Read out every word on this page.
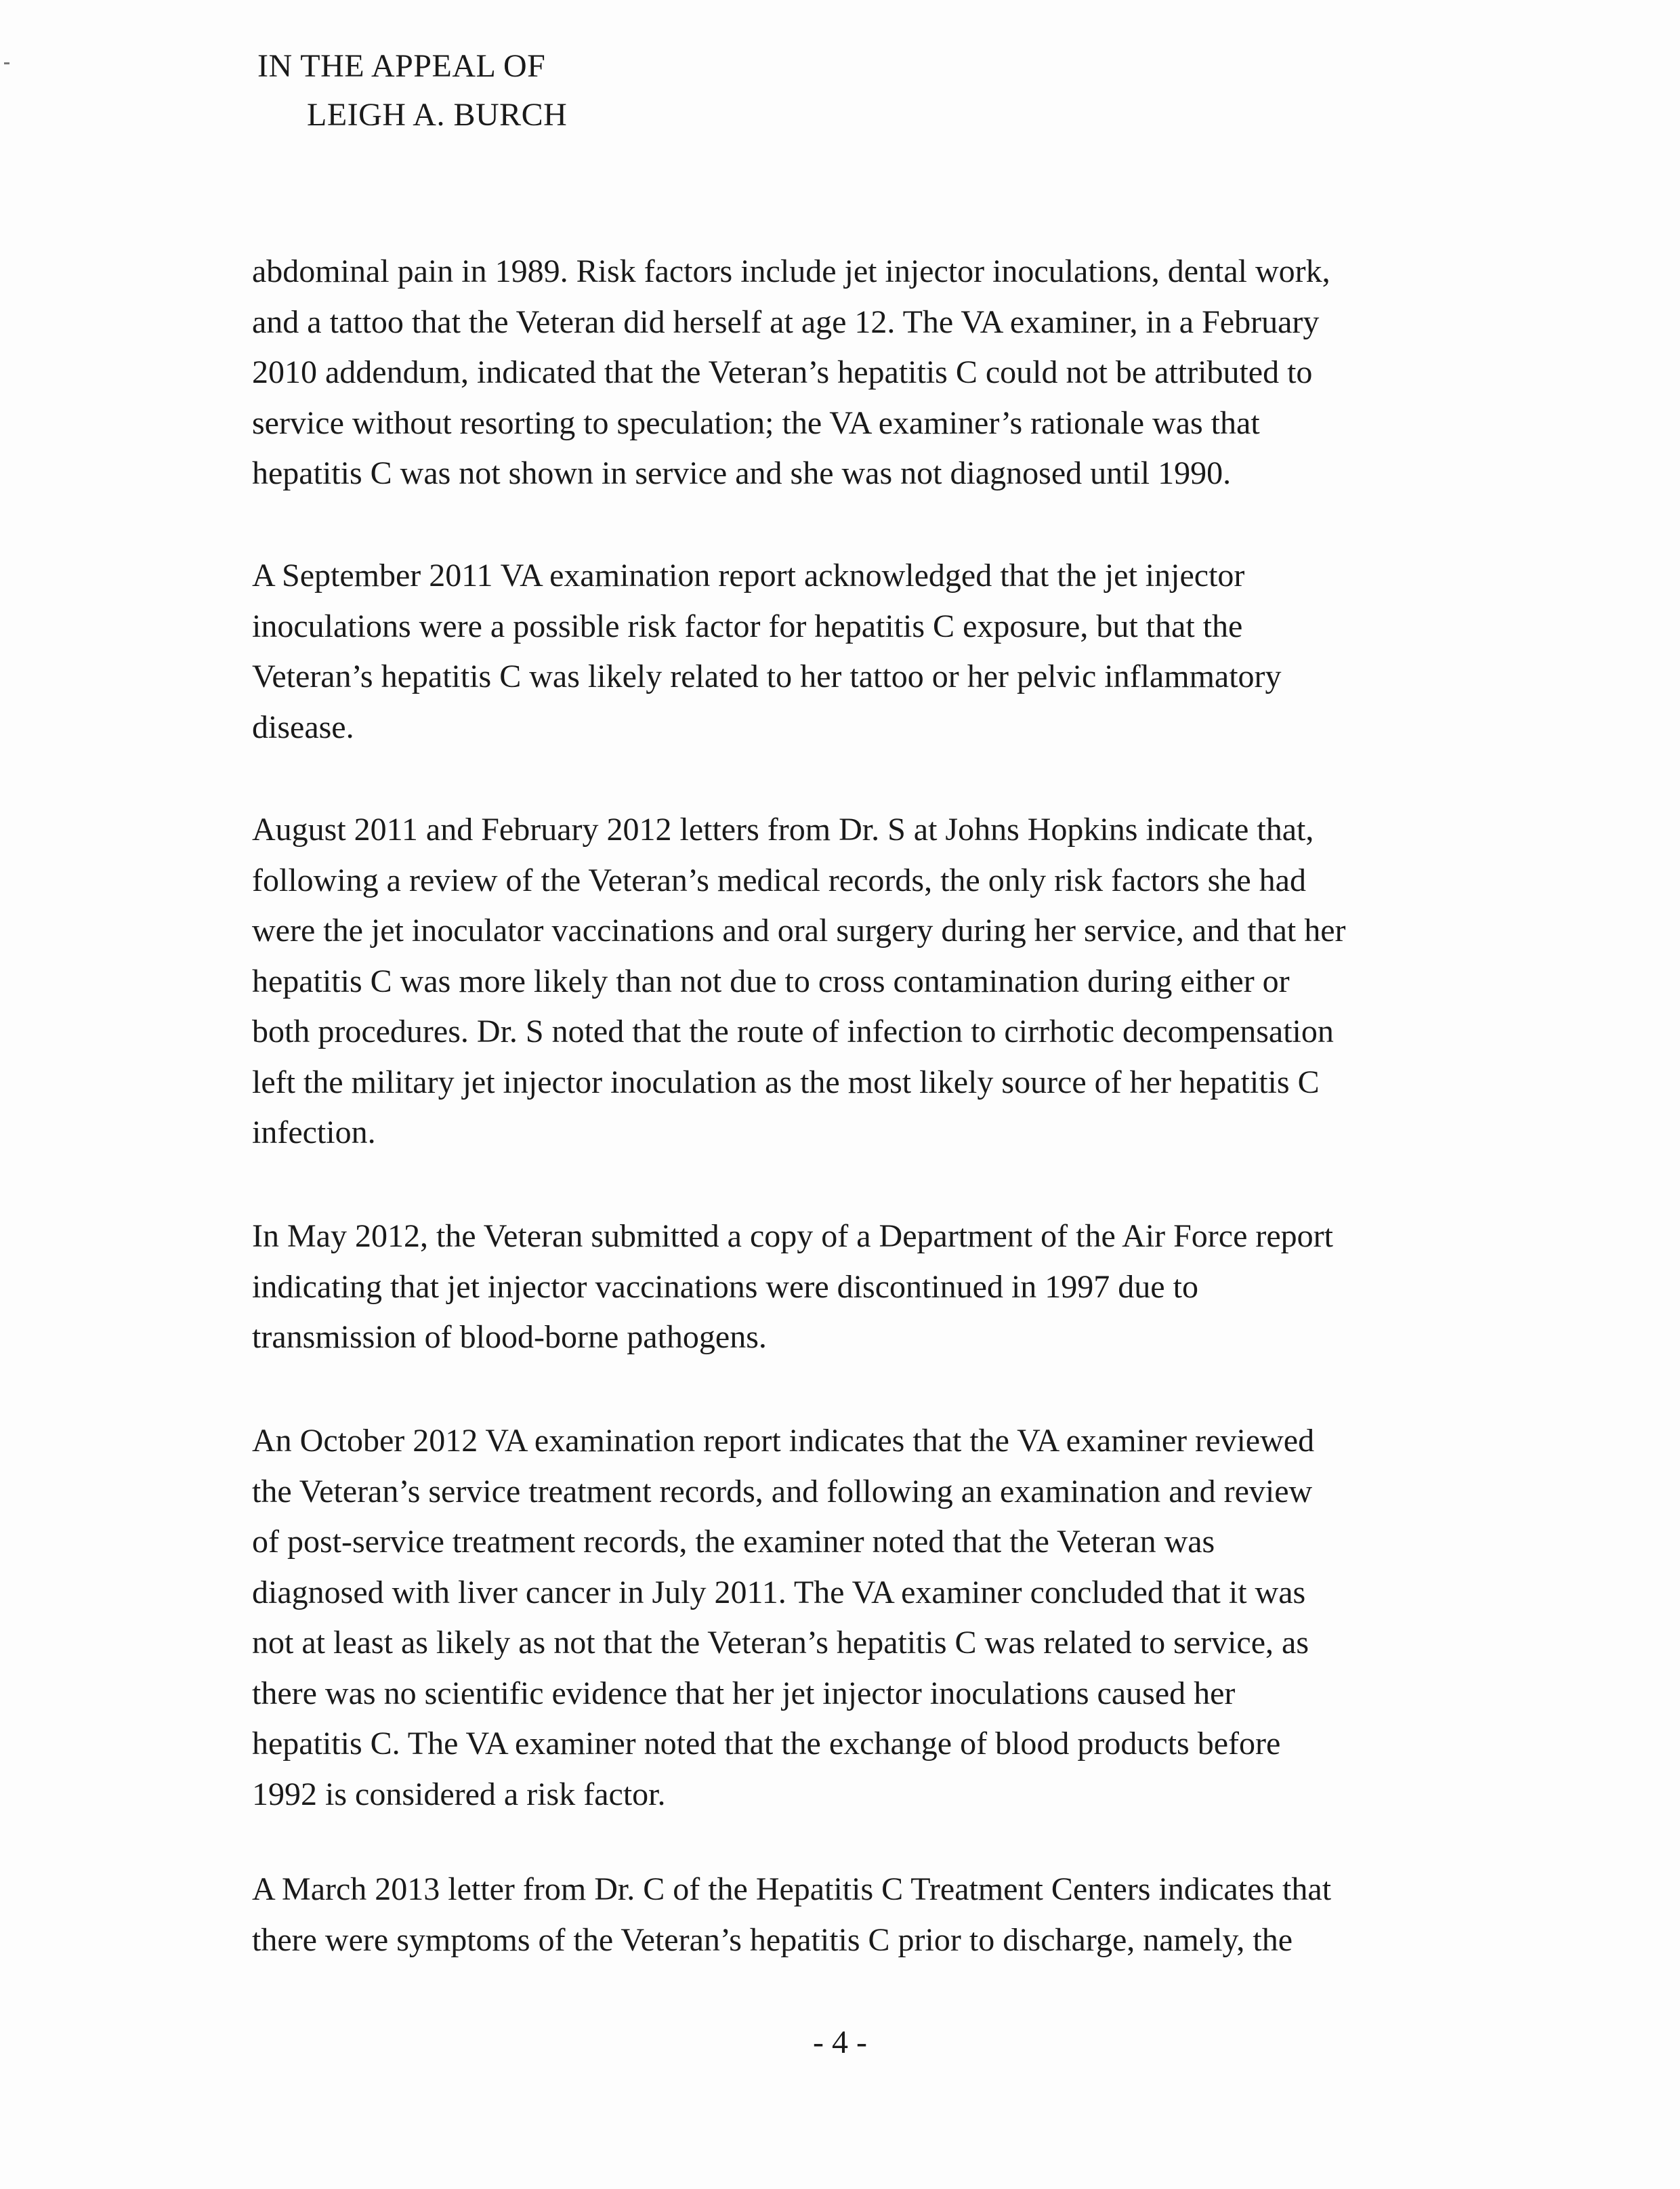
IN THE APPEAL OF
LEIGH A. BURCH

abdominal pain in 1989. Risk factors include jet injector inoculations, dental work,
and a tattoo that the Veteran did herself at age 12. The VA examiner, in a February
2010 addendum, indicated that the Veteran’s hepatitis C could not be attributed to
service without resorting to speculation; the VA examiner’s rationale was that
hepatitis C was not shown in service and she was not diagnosed until 1990.

A September 2011 VA examination report acknowledged that the jet injector
inoculations were a possible risk factor for hepatitis C exposure, but that the
Veteran’s hepatitis C was likely related to her tattoo or her pelvic inflammatory
disease.

August 2011 and February 2012 letters from Dr. S at Johns Hopkins indicate that,
following a review of the Veteran’s medical records, the only risk factors she had
were the jet inoculator vaccinations and oral surgery during her service, and that her
hepatitis C was more likely than not due to cross contamination during either or
both procedures. Dr. S noted that the route of infection to cirrhotic decompensation
left the military jet injector inoculation as the most likely source of her hepatitis C
infection.

In May 2012, the Veteran submitted a copy of a Department of the Air Force report
indicating that jet injector vaccinations were discontinued in 1997 due to
transmission of blood-borne pathogens.

An October 2012 VA examination report indicates that the VA examiner reviewed
the Veteran’s service treatment records, and following an examination and review
of post-service treatment records, the examiner noted that the Veteran was
diagnosed with liver cancer in July 2011. The VA examiner concluded that it was
not at least as likely as not that the Veteran’s hepatitis C was related to service, as
there was no scientific evidence that her jet injector inoculations caused her
hepatitis C. The VA examiner noted that the exchange of blood products before
1992 is considered a risk factor.

A March 2013 letter from Dr. C of the Hepatitis C Treatment Centers indicates that
there were symptoms of the Veteran’s hepatitis C prior to discharge, namely, the

- 4 -
